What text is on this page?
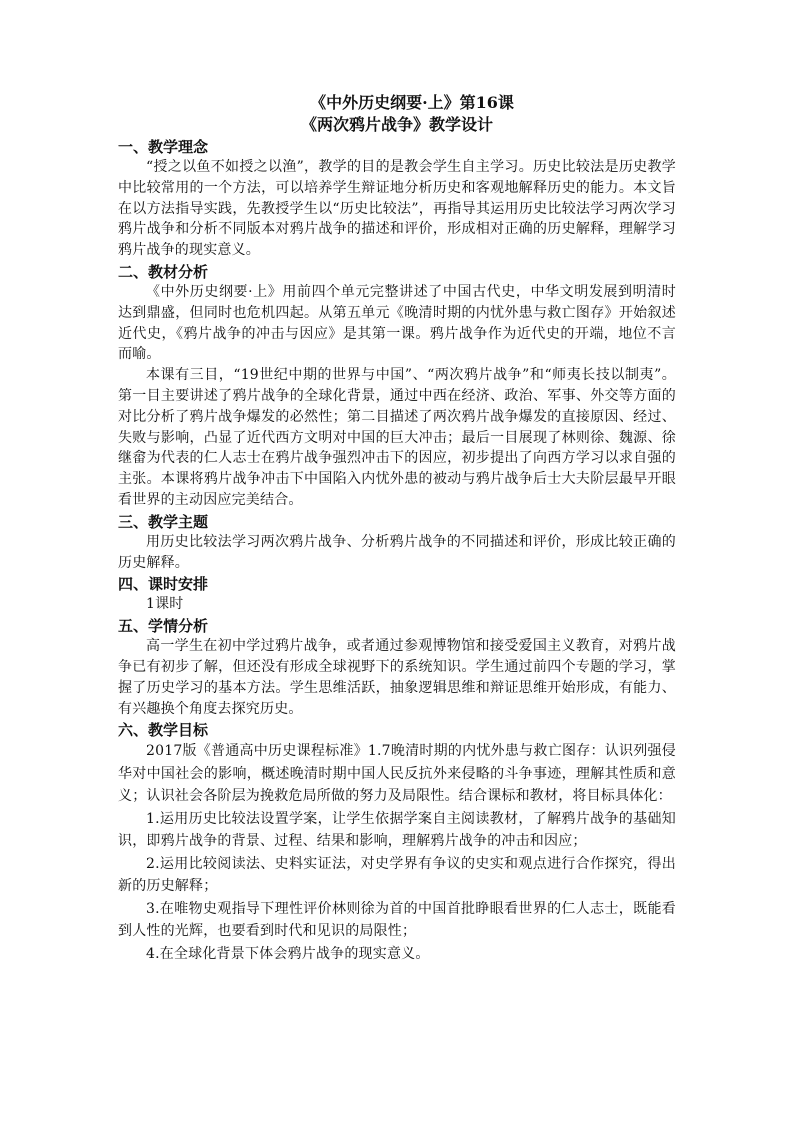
《中外历史纲要·上》第16课

《两次鸦片战争》教学设计

一、教学理念

“授之以鱼不如授之以渔”，教学的目的是教会学生自主学习。历史比较法是历史教学中比较常用的一个方法，可以培养学生辩证地分析历史和客观地解释历史的能力。本文旨在以方法指导实践，先教授学生以“历史比较法”，再指导其运用历史比较法学习两次学习鸦片战争和分析不同版本对鸦片战争的描述和评价，形成相对正确的历史解释，理解学习鸦片战争的现实意义。

二、教材分析

《中外历史纲要·上》用前四个单元完整讲述了中国古代史，中华文明发展到明清时达到鼎盛，但同时也危机四起。从第五单元《晚清时期的内忧外患与救亡图存》开始叙述近代史，《鸦片战争的冲击与因应》是其第一课。鸦片战争作为近代史的开端，地位不言而喻。

本课有三目，“19世纪中期的世界与中国”、“两次鸦片战争”和“师夷长技以制夷”。第一目主要讲述了鸦片战争的全球化背景，通过中西在经济、政治、军事、外交等方面的对比分析了鸦片战争爆发的必然性；第二目描述了两次鸦片战争爆发的直接原因、经过、失败与影响，凸显了近代西方文明对中国的巨大冲击；最后一目展现了林则徐、魏源、徐继畲为代表的仁人志士在鸦片战争强烈冲击下的因应，初步提出了向西方学习以求自强的主张。本课将鸦片战争冲击下中国陷入内忧外患的被动与鸦片战争后士大夫阶层最早开眼看世界的主动因应完美结合。

三、教学主题

用历史比较法学习两次鸦片战争、分析鸦片战争的不同描述和评价，形成比较正确的历史解释。

四、课时安排

1课时

五、学情分析

高一学生在初中学过鸦片战争，或者通过参观博物馆和接受爱国主义教育，对鸦片战争已有初步了解，但还没有形成全球视野下的系统知识。学生通过前四个专题的学习，掌握了历史学习的基本方法。学生思维活跃，抽象逻辑思维和辩证思维开始形成，有能力、有兴趣换个角度去探究历史。

六、教学目标

2017版《普通高中历史课程标准》1.7晚清时期的内忧外患与救亡图存：认识列强侵华对中国社会的影响，概述晚清时期中国人民反抗外来侵略的斗争事迹，理解其性质和意义；认识社会各阶层为挽救危局所做的努力及局限性。结合课标和教材，将目标具体化：

1.运用历史比较法设置学案，让学生依据学案自主阅读教材，了解鸦片战争的基础知识，即鸦片战争的背景、过程、结果和影响，理解鸦片战争的冲击和因应；

2.运用比较阅读法、史料实证法，对史学界有争议的史实和观点进行合作探究，得出新的历史解释；

3.在唯物史观指导下理性评价林则徐为首的中国首批睁眼看世界的仁人志士，既能看到人性的光辉，也要看到时代和见识的局限性；

4.在全球化背景下体会鸦片战争的现实意义。
